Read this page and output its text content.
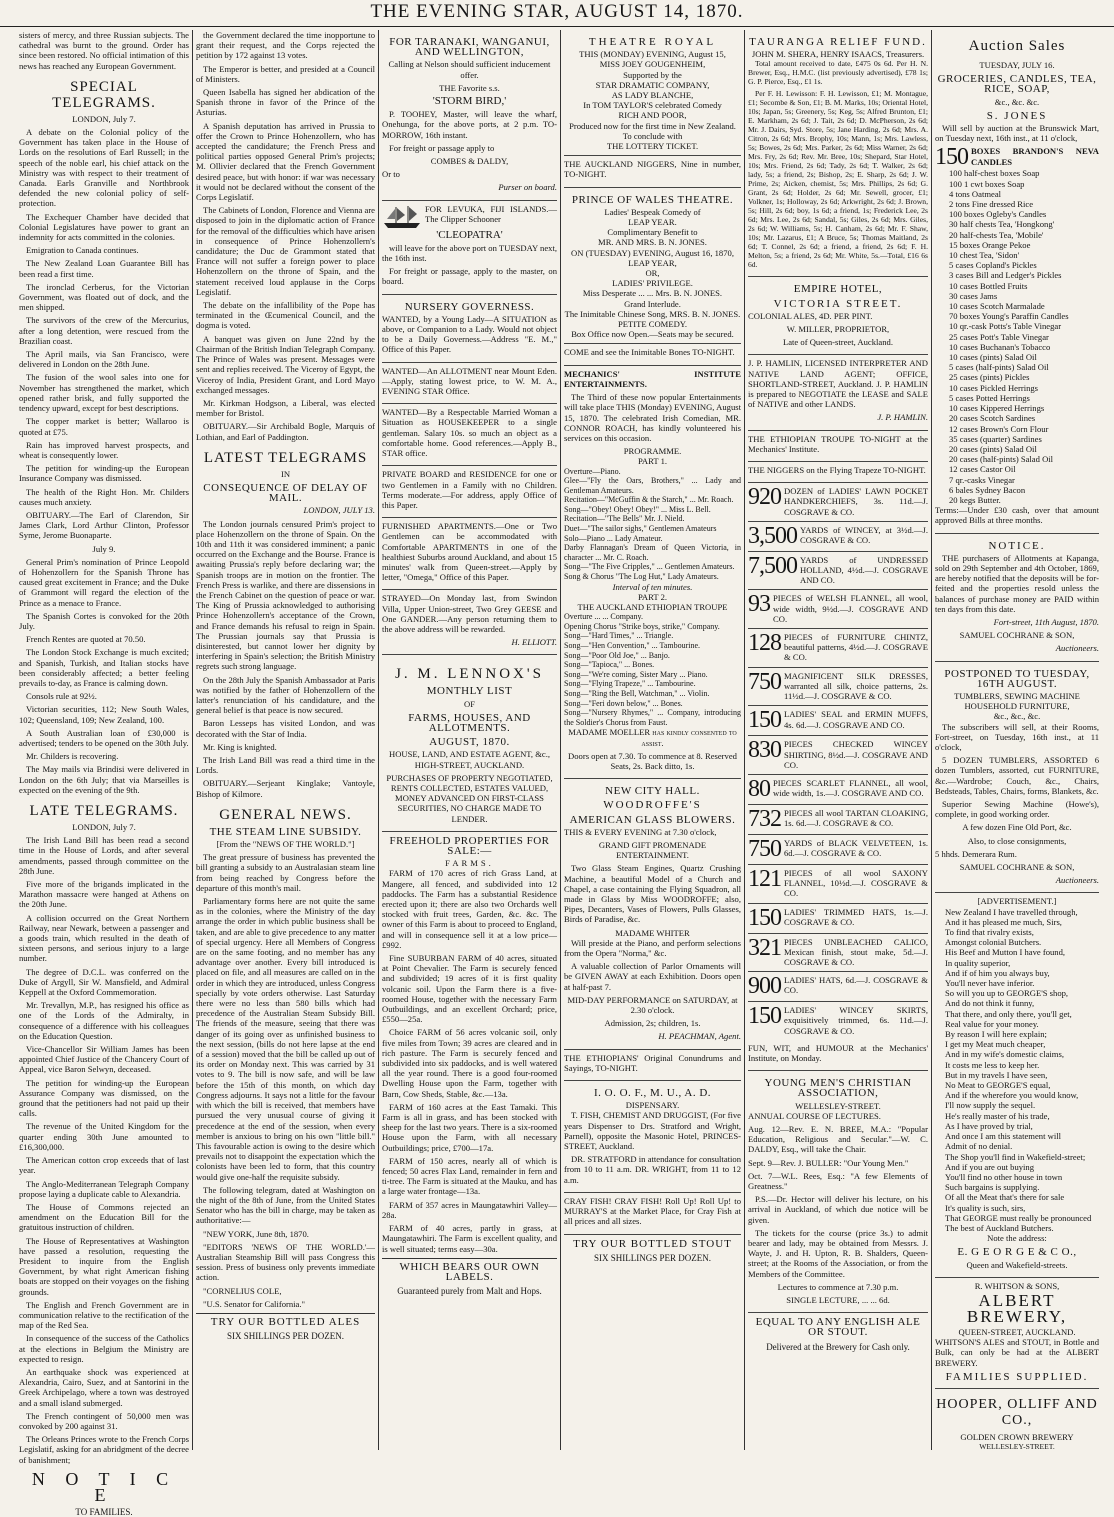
THE EVENING STAR, AUGUST 14, 1870.

sisters of mercy, and three Russian subjects. The cathedral was burnt to the ground. Order has since been restored. No official intimation of this news has reached any European Government.

SPECIAL TELEGRAMS.

LONDON, July 7.

A debate on the Colonial policy of the Government has taken place in the House of Lords on the resolutions of Earl Russell; in the speech of the noble earl, his chief attack on the Ministry was with respect to their treatment of Canada. Earls Granville and Northbrook defended the new colonial policy of self-protection.

The Exchequer Chamber have decided that Colonial Legislatures have power to grant an indemnity for acts committed in the colonies.

Emigration to Canada continues.

The New Zealand Loan Guarantee Bill has been read a first time.

The ironclad Cerberus, for the Victorian Government, was floated out of dock, and the men shipped.

The survivors of the crew of the Mercurius, after a long detention, were rescued from the Brazilian coast.

The April mails, via San Francisco, were delivered in London on the 28th June.

The fusion of the wool sales into one for November has strengthened the market, which opened rather brisk, and fully supported the tendency upward, except for best descriptions.

The copper market is better; Wallaroo is quoted at £75.

Rain has improved harvest prospects, and wheat is consequently lower.

The petition for winding-up the European Insurance Company was dismissed.

The health of the Right Hon. Mr. Childers causes much anxiety.

OBITUARY.—The Earl of Clarendon, Sir James Clark, Lord Arthur Clinton, Professor Syme, Jerome Buonaparte.

July 9.

General Prim's nomination of Prince Leopold of Hohenzollern for the Spanish Throne has caused great excitement in France; and the Duke of Grammont will regard the election of the Prince as a menace to France.

The Spanish Cortes is convoked for the 20th July.

French Rentes are quoted at 70.50.

The London Stock Exchange is much excited; and Spanish, Turkish, and Italian stocks have been considerably affected; a better feeling prevails to-day, as France is calming down.

Consols rule at 92½.

Victorian securities, 112; New South Wales, 102; Queensland, 109; New Zealand, 100.

A South Australian loan of £30,000 is advertised; tenders to be opened on the 30th July.

Mr. Childers is recovering.

The May mails via Brindisi were delivered in London on the 6th July; that via Marseilles is expected on the evening of the 9th.

LATE TELEGRAMS.

LONDON, July 7.

The Irish Land Bill has been read a second time in the House of Lords, and after several amendments, passed through committee on the 28th June.

Five more of the brigands implicated in the Marathon massacre were hanged at Athens on the 20th June.

A collision occurred on the Great Northern Railway, near Newark, between a passenger and a goods train, which resulted in the death of sixteen persons, and serious injury to a large number.

The degree of D.C.L. was conferred on the Duke of Argyll, Sir W. Mansfield, and Admiral Keppell at the Oxford Commemoration.

Mr. Trevallyn, M.P., has resigned his office as one of the Lords of the Admiralty, in consequence of a difference with his colleagues on the Education Question.

Vice-Chancellor Sir William James has been appointed Chief Justice of the Chancery Court of Appeal, vice Baron Selwyn, deceased.

The petition for winding-up the European Assurance Company was dismissed, on the ground that the petitioners had not paid up their calls.

The revenue of the United Kingdom for the quarter ending 30th June amounted to £16,300,000.

The American cotton crop exceeds that of last year.

The Anglo-Mediterranean Telegraph Company propose laying a duplicate cable to Alexandria.

The House of Commons rejected an amendment on the Education Bill for the gratuitous instruction of children.

The House of Representatives at Washington have passed a resolution, requesting the President to inquire from the English Government, by what right American fishing boats are stopped on their voyages on the fishing grounds.

The English and French Government are in communication relative to the rectification of the map of the Red Sea.

In consequence of the success of the Catholics at the elections in Belgium the Ministry are expected to resign.

An earthquake shock was experienced at Alexandria, Cairo, Suez, and at Santorini in the Greek Archipelago, where a town was destroyed and a small island submerged.

The French contingent of 50,000 men was convoked by 200 against 31.

The Orleans Princes wrote to the French Corps Legislatif, asking for an abridgment of the decree of banishment;

N O T I C E
TO FAMILIES.

the Government declared the time inopportune to grant their request, and the Corps rejected the petition by 172 against 13 votes.

The Emperor is better, and presided at a Council of Ministers.

Queen Isabella has signed her abdication of the Spanish throne in favor of the Prince of the Asturias.

A Spanish deputation has arrived in Prussia to offer the Crown to Prince Hohenzollern, who has accepted the candidature; the French Press and political parties opposed General Prim's projects; M. Ollivier declared that the French Government desired peace, but with honor: if war was necessary it would not be declared without the consent of the Corps Legislatif.

The Cabinets of London, Florence and Vienna are disposed to join in the diplomatic action of France for the removal of the difficulties which have arisen in consequence of Prince Hohenzollern's candidature; the Duc de Grammont stated that France will not suffer a foreign power to place Hohenzollern on the throne of Spain, and the statement received loud applause in the Corps Legislatif.

The debate on the infallibility of the Pope has terminated in the Œcumenical Council, and the dogma is voted.

A banquet was given on June 22nd by the Chairman of the British Indian Telegraph Company. The Prince of Wales was present. Messages were sent and replies received. The Viceroy of Egypt, the Viceroy of India, President Grant, and Lord Mayo exchanged messages.

Mr. Kirkman Hodgson, a Liberal, was elected member for Bristol.

OBITUARY.—Sir Archibald Bogle, Marquis of Lothian, and Earl of Paddington.

LATEST TELEGRAMS
IN
CONSEQUENCE OF DELAY OF MAIL.

LONDON, JULY 13.

The London journals censured Prim's project to place Hohenzollern on the throne of Spain. On the 10th and 11th it was considered imminent; a panic occurred on the Exchange and the Bourse. France is awaiting Prussia's reply before declaring war; the Spanish troops are in motion on the frontier. The French Press is warlike, and there are dissensions in the French Cabinet on the question of peace or war. The King of Prussia acknowledged to authorising Prince Hohenzollern's acceptance of the Crown, and France demands his refusal to reign in Spain. The Prussian journals say that Prussia is disinterested, but cannot lower her dignity by interfering in Spain's selection; the British Ministry regrets such strong language.

On the 28th July the Spanish Ambassador at Paris was notified by the father of Hohenzollern of the latter's renunciation of his candidature, and the general belief is that peace is now secured.

Baron Lesseps has visited London, and was decorated with the Star of India.

Mr. King is knighted.

The Irish Land Bill was read a third time in the Lords.

OBITUARY.—Serjeant Kinglake; Vantoyle, Bishop of Kilmore.

GENERAL NEWS.
THE STEAM LINE SUBSIDY.

[From the "NEWS OF THE WORLD."]

The great pressure of business has prevented the bill granting a subsidy to an Australasian steam line from being reached by Congress before the departure of this month's mail.

Parliamentary forms here are not quite the same as in the colonies, where the Ministry of the day arrange the order in which public business shall be taken, and are able to give precedence to any matter of special urgency. Here all Members of Congress are on the same footing, and no member has any advantage over another. Every bill introduced is placed on file, and all measures are called on in the order in which they are introduced, unless Congress specially by vote orders otherwise. Last Saturday there were no less than 580 bills which had precedence of the Australian Steam Subsidy Bill. The friends of the measure, seeing that there was danger of its going over as unfinished business to the next session, (bills do not here lapse at the end of a session) moved that the bill be called up out of its order on Monday next. This was carried by 31 votes to 9. The bill is now safe, and will be law before the 15th of this month, on which day Congress adjourns. It says not a little for the favour with which the bill is received, that members have pursued the very unusual course of giving it precedence at the end of the session, when every member is anxious to bring on his own "little bill." This favourable action is owing to the desire which prevails not to disappoint the expectation which the colonists have been led to form, that this country would give one-half the requisite subsidy.

The following telegram, dated at Washington on the night of the 8th of June, from the United States Senator who has the bill in charge, may be taken as authoritative:—

"NEW YORK, June 8th, 1870.

"EDITORS 'NEWS OF THE WORLD.'—Australian Steamship Bill will pass Congress this session. Press of business only prevents immediate action.

"CORNELIUS COLE,

"U.S. Senator for California."

TRY OUR BOTTLED ALES
SIX SHILLINGS PER DOZEN.
FOR TARANAKI, WANGANUI, AND WELLINGTON,

Calling at Nelson should sufficient inducement offer.

THE Favorite s.s.

'STORM BIRD,'

P. TOOHEY, Master, will leave the wharf, Onehunga, for the above ports, at 2 p.m. TO-MORROW, 16th instant.

For freight or passage apply to

COMBES & DALDY,

Or to

Purser on board.

FOR LEVUKA, FIJI ISLANDS.—The Clipper Schooner

'CLEOPATRA'

will leave for the above port on TUESDAY next, the 16th inst.

For freight or passage, apply to the master, on board.

NURSERY GOVERNESS.

WANTED, by a Young Lady—A SITUATION as above, or Companion to a Lady. Would not object to be a Daily Governess.—Address "E. M.," Office of this Paper.

WANTED—An ALLOTMENT near Mount Eden.—Apply, stating lowest price, to W. M. A., EVENING STAR Office.

WANTED—By a Respectable Married Woman a Situation as HOUSEKEEPER to a single gentleman. Salary 10s. so much an object as a comfortable home. Good references.—Apply B., STAR office.

PRIVATE BOARD and RESIDENCE for one or two Gentlemen in a Family with no Children. Terms moderate.—For address, apply Office of this Paper.

FURNISHED APARTMENTS.—One or Two Gentlemen can be accommodated with Comfortable APARTMENTS in one of the healthiest Suburbs around Auckland, and about 15 minutes' walk from Queen-street.—Apply by letter, "Omega," Office of this Paper.

STRAYED—On Monday last, from Swindon Villa, Upper Union-street, Two Grey GEESE and One GANDER.—Any person returning them to the above address will be rewarded.

H. ELLIOTT.

J. M. LENNOX'S
MONTHLY LIST
OF
FARMS, HOUSES, AND ALLOTMENTS.
AUGUST, 1870.

HOUSE, LAND, AND ESTATE AGENT, &c., HIGH-STREET, AUCKLAND.

PURCHASES OF PROPERTY NEGOTIATED, RENTS COLLECTED, ESTATES VALUED, MONEY ADVANCED ON FIRST-CLASS SECURITIES, NO CHARGE MADE TO LENDER.

FREEHOLD PROPERTIES FOR SALE:—
FARMS.

FARM of 170 acres of rich Grass Land, at Mangere, all fenced, and subdivided into 12 paddocks. The Farm has a substantial Residence erected upon it; there are also two Orchards well stocked with fruit trees, Garden, &c. &c. The owner of this Farm is about to proceed to England, and will in consequence sell it at a low price—£992.

Fine SUBURBAN FARM of 40 acres, situated at Point Chevalier. The Farm is securely fenced and subdivided; 19 acres of it is first quality volcanic soil. Upon the Farm there is a five-roomed House, together with the necessary Farm Outbuildings, and an excellent Orchard; price, £550—25a.

Choice FARM of 56 acres volcanic soil, only five miles from Town; 39 acres are cleared and in rich pasture. The Farm is securely fenced and subdivided into six paddocks, and is well watered all the year round. There is a good four-roomed Dwelling House upon the Farm, together with Barn, Cow Sheds, Stable, &c.—13a.

FARM of 160 acres at the East Tamaki. This Farm is all in grass, and has been stocked with sheep for the last two years. There is a six-roomed House upon the Farm, with all necessary Outbuildings; price, £700—17a.

FARM of 150 acres, nearly all of which is fenced; 50 acres Flax Land, remainder in fern and ti-tree. The Farm is situated at the Mauku, and has a large water frontage—13a.

FARM of 357 acres in Maungatawhiri Valley—28a.

FARM of 40 acres, partly in grass, at Maungatawhiri. The Farm is excellent quality, and is well situated; terms easy—30a.

WHICH BEARS OUR OWN LABELS.
Guaranteed purely from Malt and Hops.
THEATRE ROYAL
THIS (MONDAY) EVENING, August 15,
MISS JOEY GOUGENHEIM,
Supported by the
STAR DRAMATIC COMPANY,
AS LADY BLANCHE,
In TOM TAYLOR'S celebrated Comedy
RICH AND POOR,
Produced now for the first time in New Zealand.
To conclude with
THE LOTTERY TICKET.

THE AUCKLAND NIGGERS, Nine in number, TO-NIGHT.

PRINCE OF WALES THEATRE.
Ladies' Bespeak Comedy of
LEAP YEAR.
Complimentary Benefit to
MR. AND MRS. B. N. JONES.
ON (TUESDAY) EVENING, August 16, 1870,
LEAP YEAR,
OR,
LADIES' PRIVILEGE.
Miss Desperate ... ... Mrs. B. N. JONES.
Grand Interlude.
The Inimitable Chinese Song, MRS. B. N. JONES.
PETITE COMEDY.
Box Office now Open.—Seats may be secured.

COME and see the Inimitable Bones TO-NIGHT.

MECHANICS' INSTITUTE ENTERTAINMENTS.

The Third of these now popular Entertainments will take place THIS (Monday) EVENING, August 15, 1870. The celebrated Irish Comedian, MR. CONNOR ROACH, has kindly volunteered his services on this occasion.

PROGRAMME.
PART 1.
Overture—Piano.
Glee—"Fly the Oars, Brothers," ... Lady and Gentleman Amateurs.
Recitation—"McGuffin & the Starch," ... Mr. Roach.
Song—"Obey! Obey! Obey!" ... Miss L. Bell.
Recitation—"The Bells" Mr. J. Nield.
Duet—"The sailor sighs," Gentlemen Amateurs
Solo—Piano ... Lady Amateur.
Darby Flannagan's Dream of Queen Victoria, in character ... Mr. C. Roach.
Song—"The Five Cripples," ... Gentlemen Amateurs.
Song & Chorus "The Log Hut," Lady Amateurs.
Interval of ten minutes.
PART 2.
THE AUCKLAND ETHIOPIAN TROUPE
Overture ... ... Company.
Opening Chorus "Strike boys, strike," Company.
Song—"Hard Times," ... Triangle.
Song—"Hen Convention," ... Tambourine.
Song—"Poor Old Joe," ... Banjo.
Song—"Tapioca," ... Bones.
Song—"We're coming, Sister Mary ... Piano.
Song—"Flying Trapeze," ... Tambourine.
Song—"Ring the Bell, Watchman," ... Violin.
Song—"Feri down below," ... Bones.
Song—"Nursery Rhymes," ... Company, introducing the Soldier's Chorus from Faust.

MADAME MOELLER has kindly consented to assist.

Doors open at 7.30. To commence at 8. Reserved Seats, 2s. Back ditto, 1s.

NEW CITY HALL.
WOODROFFE'S
AMERICAN GLASS BLOWERS.

THIS & EVERY EVENING at 7.30 o'clock,

GRAND GIFT PROMENADE ENTERTAINMENT.

Two Glass Steam Engines, Quartz Crushing Machine, a beautiful Model of a Church and Chapel, a case containing the Flying Squadron, all made in Glass by Miss WOODROFFE; also, Pipes, Decanters, Vases of Flowers, Pulls Glasses, Birds of Paradise, &c.

MADAME WHITER

Will preside at the Piano, and perform selections from the Opera "Norma," &c.

A valuable collection of Parlor Ornaments will be GIVEN AWAY at each Exhibition. Doors open at half-past 7.

MID-DAY PERFORMANCE on SATURDAY, at 2.30 o'clock.

Admission, 2s; children, 1s.

H. PEACHMAN, Agent.

THE ETHIOPIANS' Original Conundrums and Sayings, TO-NIGHT.

I. O. O. F., M. U., A. D.
DISPENSARY.

T. FISH, CHEMIST AND DRUGGIST, (For five years Dispenser to Drs. Stratford and Wright, Parnell), opposite the Masonic Hotel, PRINCES-STREET, Auckland.

DR. STRATFORD in attendance for consultation from 10 to 11 a.m. DR. WRIGHT, from 11 to 12 a.m.

CRAY FISH! CRAY FISH! Roll Up! Roll Up! to MURRAY'S at the Market Place, for Cray Fish at all prices and all sizes.

TRY OUR BOTTLED STOUT
SIX SHILLINGS PER DOZEN.
TAURANGA RELIEF FUND.
JOHN M. SHERA, HENRY ISAACS, Treasurers.

Total amount received to date, £475 0s 6d. Per H. N. Brewer, Esq., H.M.C. (list previously advertised), £78 1s; G. P. Pierce, Esq., £1 1s.

Per F. H. Lewisson: F. H. Lewisson, £1; M. Montague, £1; Secombe & Son, £1; B. M. Marks, 10s; Oriental Hotel, 10s; Japan, 5s; Greenery, 5s; Keg, 5s; Alfred Brunton, £1; E. Markham, 2s 6d; J. Tait, 2s 6d; D. McPherson, 2s 6d; Mr. J. Dairs, Syd. Store, 5s; Jane Harding, 2s 6d; Mrs. A. Citron, 2s 6d; Mrs. Brophy, 10s; Mann, 1s; Mrs. Lawless, 5s; Bowes, 2s 6d; Mrs. Parker, 2s 6d; Miss Warner, 2s 6d; Mrs. Fry, 2s 6d; Rev. Mr. Bree, 10s; Shepard, Star Hotel, 10s; Mrs. Friend, 2s 6d; Tady, 2s 6d; T. Walker, 2s 6d; lady, 5s; a friend, 2s; Bishop, 2s; E. Sharp, 2s 6d; J. W. Prime, 2s; Aicken, chemist, 5s; Mrs. Phillips, 2s 6d; G. Grant, 2s 6d; Holder, 2s 6d; Mr. Sewell, grocer, £1; Volkner, 1s; Holloway, 2s 6d; Arkwright, 2s 6d; J. Brown, 5s; Hill, 2s 6d; boy, 1s 6d; a friend, 1s; Frederick Lee, 2s 6d; Mrs. Lee, 2s 6d; Sandal, 5s; Giles, 2s 6d; Mrs. Giles, 2s 6d; W. Williams, 5s; H. Canham, 2s 6d; Mr. F. Shaw, 10s; Mr. Lazarus, £1; A Bruce, 5s; Thomas Maitland, 2s 6d; T. Connel, 2s 6d; a friend, a friend, 2s 6d; F. H. Melton, 5s; a friend, 2s 6d; Mr. White, 5s.—Total, £16 6s 6d.

EMPIRE HOTEL,
VICTORIA STREET.

COLONIAL ALES, 4D. PER PINT.

W. MILLER, PROPRIETOR,

Late of Queen-street, Auckland.

J. P. HAMLIN, LICENSED INTERPRETER AND NATIVE LAND AGENT; OFFICE, SHORTLAND-STREET, Auckland. J. P. HAMLIN is prepared to NEGOTIATE the LEASE and SALE of NATIVE and other LANDS.

J. P. HAMLIN.

THE ETHIOPIAN TROUPE TO-NIGHT at the Mechanics' Institute.

THE NIGGERS on the Flying Trapeze TO-NIGHT.

920 DOZEN of LADIES' LAWN POCKET HANDKERCHIEFS, 3s. 11d.—J. COSGRAVE & CO.
3,500 YARDS of WINCEY, at 3½d.—J. COSGRAVE & CO.
7,500 YARDS of UNDRESSED HOLLAND, 4½d.—J. COSGRAVE AND CO.
93 PIECES of WELSH FLANNEL, all wool, wide width, 9½d.—J. COSGRAVE AND CO.
128 PIECES of FURNITURE CHINTZ, beautiful patterns, 4½d.—J. COSGRAVE & CO.
750 MAGNIFICENT SILK DRESSES, warranted all silk, choice patterns, 2s. 11½d.—J. COSGRAVE & CO.
150 LADIES' SEAL and ERMIN MUFFS, 4s. 6d.—J. COSGRAVE AND CO.
830 PIECES CHECKED WINCEY SHIRTING, 8½d.—J. COSGRAVE AND CO.
80 PIECES SCARLET FLANNEL, all wool, wide width, 1s.—J. COSGRAVE AND CO.
732 PIECES all wool TARTAN CLOAKING, 1s. 6d.—J. COSGRAVE & CO.
750 YARDS of BLACK VELVETEEN, 1s. 6d.—J. COSGRAVE & CO.
121 PIECES of all wool SAXONY FLANNEL, 10½d.—J. COSGRAVE & CO.
150 LADIES' TRIMMED HATS, 1s.—J. COSGRAVE & CO.
321 PIECES UNBLEACHED CALICO, Mexican finish, stout make, 5d.—J. COSGRAVE & CO.
900 LADIES' HATS, 6d.—J. COSGRAVE & CO.
150 LADIES' WINCEY SKIRTS, exquisitively trimmed, 6s. 11d.—J. COSGRAVE & CO.

FUN, WIT, and HUMOUR at the Mechanics' Institute, on Monday.

YOUNG MEN'S CHRISTIAN ASSOCIATION,
WELLESLEY-STREET.

ANNUAL COURSE OF LECTURES.

Aug. 12—Rev. E. N. BREE, M.A.: "Popular Education, Religious and Secular."—W. C. DALDY, Esq., will take the Chair.

Sept. 9—Rev. J. BULLER: "Our Young Men."

Oct. 7—W.L. Rees, Esq.: "A few Elements of Greatness."

P.S.—Dr. Hector will deliver his lecture, on his arrival in Auckland, of which due notice will be given.

The tickets for the course (price 3s.) to admit bearer and lady, may be obtained from Messrs. J. Wayte, J. and H. Upton, R. B. Shalders, Queen-street; at the Rooms of the Association, or from the Members of the Committee.

Lectures to commence at 7.30 p.m.

SINGLE LECTURE, ... ... 6d.

EQUAL TO ANY ENGLISH ALE OR STOUT.
Delivered at the Brewery for Cash only.
Auction Sales
TUESDAY, JULY 16.
GROCERIES, CANDLES, TEA, RICE, SOAP,
&c., &c. &c.
S. JONES

Will sell by auction at the Brunswick Mart, on Tuesday next, 16th inst., at 11 o'clock,

150 BOXES BRANDON'S NEVA CANDLES
100 half-chest boxes Soap
100 1 cwt boxes Soap
4 tons Oatmeal
2 tons Fine dressed Rice
100 boxes Ogleby's Candles
30 half chests Tea, 'Hongkong'
20 half-chests Tea, 'Mobile'
15 boxes Orange Pekoe
10 chest Tea, 'Sidon'
5 cases Copland's Pickles
3 cases Bill and Ledger's Pickles
10 cases Bottled Fruits
30 cases Jams
10 cases Scotch Marmalade
70 boxes Young's Paraffin Candles
10 qr.-cask Potts's Table Vinegar
25 cases Pott's Table Vinegar
10 cases Buchanan's Tobacco
10 cases (pints) Salad Oil
5 cases (half-pints) Salad Oil
25 cases (pints) Pickles
10 cases Pickled Herrings
5 cases Potted Herrings
10 cases Kippered Herrings
20 cases Scotch Sardines
12 cases Brown's Corn Flour
35 cases (quarter) Sardines
20 cases (pints) Salad Oil
20 cases (half-pints) Salad Oil
12 cases Castor Oil
7 qr.-casks Vinegar
6 bales Sydney Bacon
20 kegs Butter.

Terms:—Under £30 cash, over that amount approved Bills at three months.

NOTICE.

THE purchasers of Allotments at Kapanga, sold on 29th September and 4th October, 1869, are hereby notified that the deposits will be for-feited and the properties resold unless the balances of purchase money are PAID within ten days from this date.

Fort-street, 11th August, 1870.

SAMUEL COCHRANE & SON,

Auctioneers.

POSTPONED TO TUESDAY, 16TH AUGUST.
TUMBLERS, SEWING MACHINE HOUSEHOLD FURNITURE,
&c., &c., &c.

The subscribers will sell, at their Rooms, Fort-street, on Tuesday, 16th inst., at 11 o'clock,

5 DOZEN TUMBLERS, ASSORTED 6 dozen Tumblers, assorted, cut FURNITURE, &c.—Wardrobe; Couch, &c., Chairs, Bedsteads, Tables, Chairs, forms, Blankets, &c.

Superior Sewing Machine (Howe's), complete, in good working order.

A few dozen Fine Old Port, &c.

Also, to close consignments,

5 hhds. Demerara Rum.

SAMUEL COCHRANE & SON,

Auctioneers.

[ADVERTISEMENT.]
New Zealand I have travelled through,
And it has pleased me much, Sirs,
To find that rivalry exists,
Amongst colonial Butchers.
His Beef and Mutton I have found,
In quality superior,
And if of him you always buy,
You'll never have inferior.
So will you up to GEORGE'S shop,
And do not think it funny,
That there, and only there, you'll get,
Real value for your money.
By reason I will here explain;
I get my Meat much cheaper,
And in my wife's domestic claims,
It costs me less to keep her.
But in my travels I have seen,
No Meat to GEORGE'S equal,
And if the wherefore you would know,
I'll now supply the sequel.
He's really master of his trade,
As I have proved by trial,
And once I am this statement will
Admit of no denial.
The Shop you'll find in Wakefield-street;
And if you are out buying
You'll find no other house in town
Such bargains is supplying.
Of all the Meat that's there for sale
It's quality is such, sirs,
That GEORGE must really be pronounced
The best of Auckland Butchers.

Note the address:

E. G E O R G E & C O.,

Queen and Wakefield-streets.

R. WHITSON & SONS,
ALBERT BREWERY,
QUEEN-STREET, AUCKLAND.

WHITSON'S ALES and STOUT, in Bottle and Bulk, can only be had at the ALBERT BREWERY.

FAMILIES SUPPLIED.
HOOPER, OLLIFF AND CO.,
GOLDEN CROWN BREWERY
WELLESLEY-STREET.
